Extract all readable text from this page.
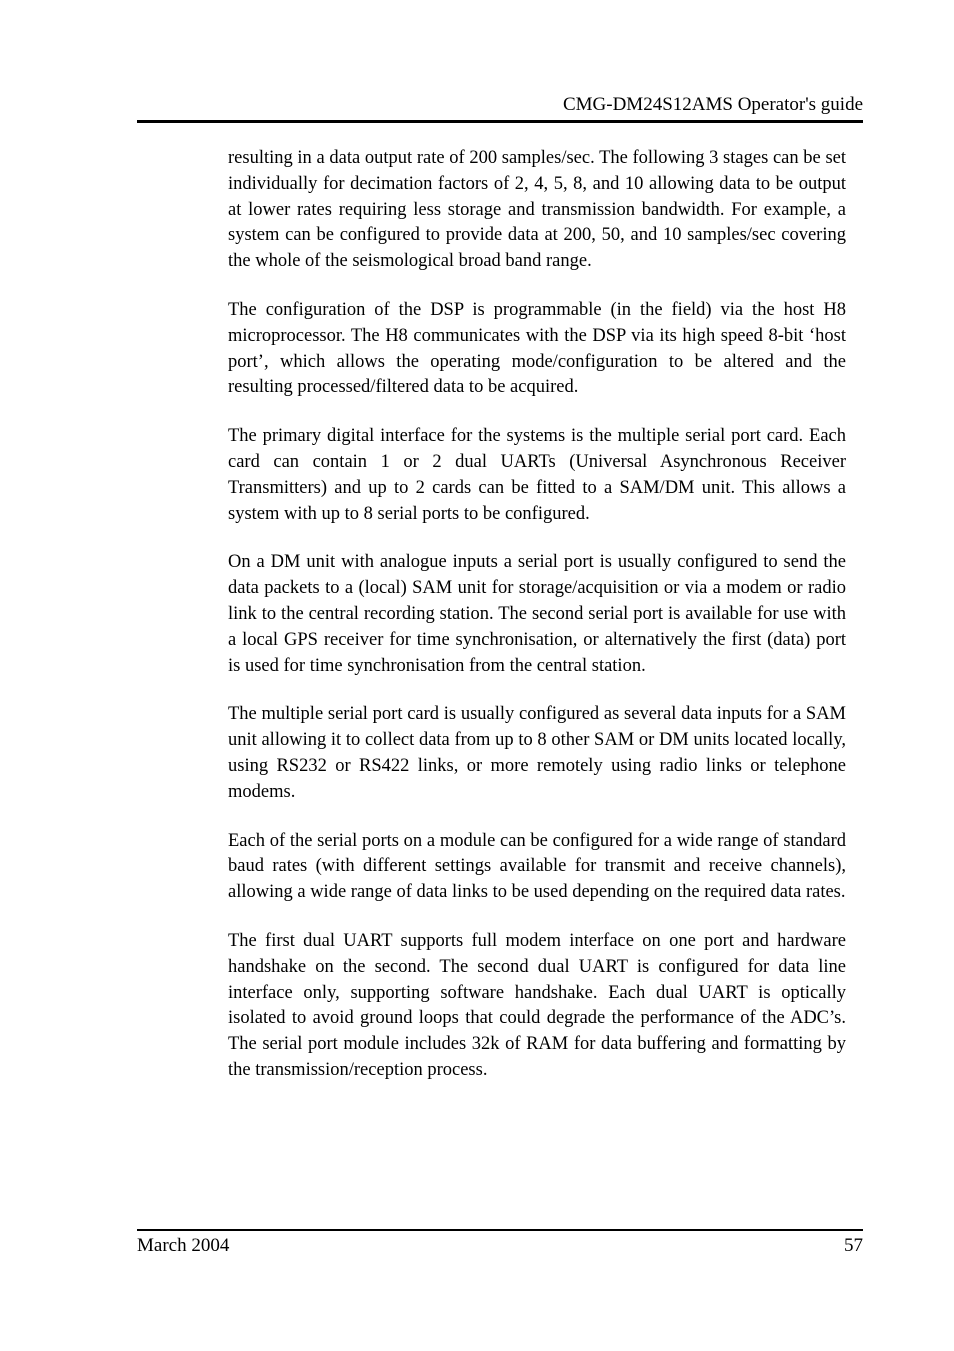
CMG-DM24S12AMS Operator's guide

resulting in a data output rate of 200 samples/sec. The following 3 stages can be set individually for decimation factors of 2, 4, 5, 8, and 10 allowing data to be output at lower rates requiring less storage and transmission bandwidth. For example, a system can be configured to provide data at 200, 50, and 10 samples/sec covering the whole of the seismological broad band range.

The configuration of the DSP is programmable (in the field) via the host H8 microprocessor. The H8 communicates with the DSP via its high speed 8-bit ‘host port’, which allows the operating mode/configuration to be altered and the resulting processed/filtered data to be acquired.

The primary digital interface for the systems is the multiple serial port card. Each card can contain 1 or 2 dual UARTs (Universal Asynchronous Receiver Transmitters) and up to 2 cards can be fitted to a SAM/DM unit. This allows a system with up to 8 serial ports to be configured.

On a DM unit with analogue inputs a serial port is usually configured to send the data packets to a (local) SAM unit for storage/acquisition or via a modem or radio link to the central recording station. The second serial port is available for use with a local GPS receiver for time synchronisation, or alternatively the first (data) port is used for time synchronisation from the central station.

The multiple serial port card is usually configured as several data inputs for a SAM unit allowing it to collect data from up to 8 other SAM or DM units located locally, using RS232 or RS422 links, or more remotely using radio links or telephone modems.

Each of the serial ports on a module can be configured for a wide range of standard baud rates (with different settings available for transmit and receive channels), allowing a wide range of data links to be used depending on the required data rates.

The first dual UART supports full modem interface on one port and hardware handshake on the second. The second dual UART is configured for data line interface only, supporting software handshake. Each dual UART is optically isolated to avoid ground loops that could degrade the performance of the ADC’s. The serial port module includes 32k of RAM for data buffering and formatting by the transmission/reception process.

March 2004	57
